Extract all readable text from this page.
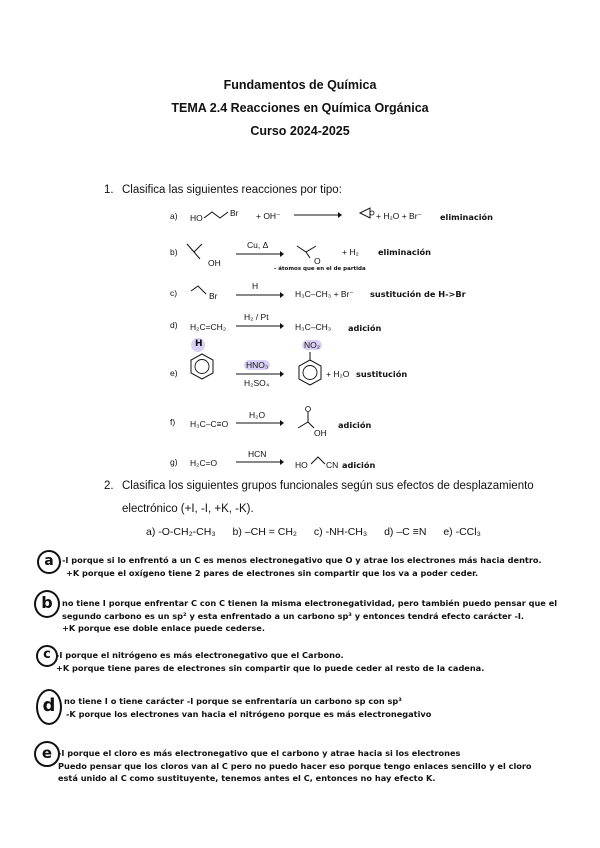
Fundamentos de Química
TEMA 2.4 Reacciones en Química Orgánica
Curso 2024-2025
1. Clasifica las siguientes reacciones por tipo:
a) HO	Br + OH⁻	+ H₂O + Br⁻ eliminación
b)
OH
Cu, Δ
O
+ H₂ eliminación
- átomos que en el de partida
c)	Br
H
H₃C–CH₃ + Br⁻ sustitución de H->Br
d) H₂C=CH₂
H₂ / Pt
H₃C–CH₃ adición
e)
H
HNO₃
H₂SO₄
NO₂
+ H₂O sustitución
f) H₃C–C≡O
H₂O
OH
adición
g) H₂C=O
HCN
HO CN adición
2. Clasifica los siguientes grupos funcionales según sus efectos de desplazamiento
electrónico (+I, -I, +K, -K).
a) -O-CH₂-CH₃ b) –CH = CH₂ c) -NH-CH₃ d) –C ≡N e) -CCl₃
a	-I porque si lo enfrentó a un C es menos electronegativo que O y atrae los electrones más hacia dentro.
+K porque el oxígeno tiene 2 pares de electrones sin compartir que los va a poder ceder.
b	no tiene I porque enfrentar C con C tienen la misma electronegatividad, pero también puedo pensar que el
segundo carbono es un sp² y esta enfrentado a un carbono sp³ y entonces tendrá efecto carácter -I.
+K porque ese doble enlace puede cederse.
c -I porque el nitrógeno es más electronegativo que el Carbono.
+K porque tiene pares de electrones sin compartir que lo puede ceder al resto de la cadena.
d	no tiene I o tiene carácter -I porque se enfrentaría un carbono sp con sp³
-K porque los electrones van hacia el nitrógeno porque es más electronegativo
e -I porque el cloro es más electronegativo que el carbono y atrae hacia si los electrones
Puedo pensar que los cloros van al C pero no puedo hacer eso porque tengo enlaces sencillo y el cloro
está unido al C como sustituyente, tenemos antes el C, entonces no hay efecto K.
